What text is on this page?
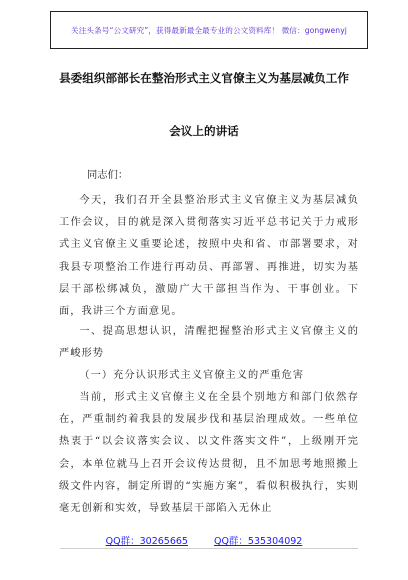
关注头条号“公文研究”，获得最新最全最专业的公文资料库！ 微信：gongwenyj
县委组织部部长在整治形式主义官僚主义为基层减负工作
会议上的讲话
同志们：

今天，我们召开全县整治形式主义官僚主义为基层减负工作会议，目的就是深入贯彻落实习近平总书记关于力戒形式主义官僚主义重要论述，按照中央和省、市部署要求，对我县专项整治工作进行再动员、再部署、再推进，切实为基层干部松绑减负，激励广大干部担当作为、干事创业。下面，我讲三个方面意见。

一、提高思想认识，清醒把握整治形式主义官僚主义的严峻形势

（一）充分认识形式主义官僚主义的严重危害

当前，形式主义官僚主义在全县个别地方和部门依然存在，严重制约着我县的发展步伐和基层治理成效。一些单位热衷于“以会议落实会议、以文件落实文件”，上级刚开完会，本单位就马上召开会议传达贯彻，且不加思考地照搬上级文件内容，制定所谓的“实施方案”，看似积极执行，实则毫无创新和实效，导致基层干部陷入无休止

QQ群：30265665	QQ群：535304092
